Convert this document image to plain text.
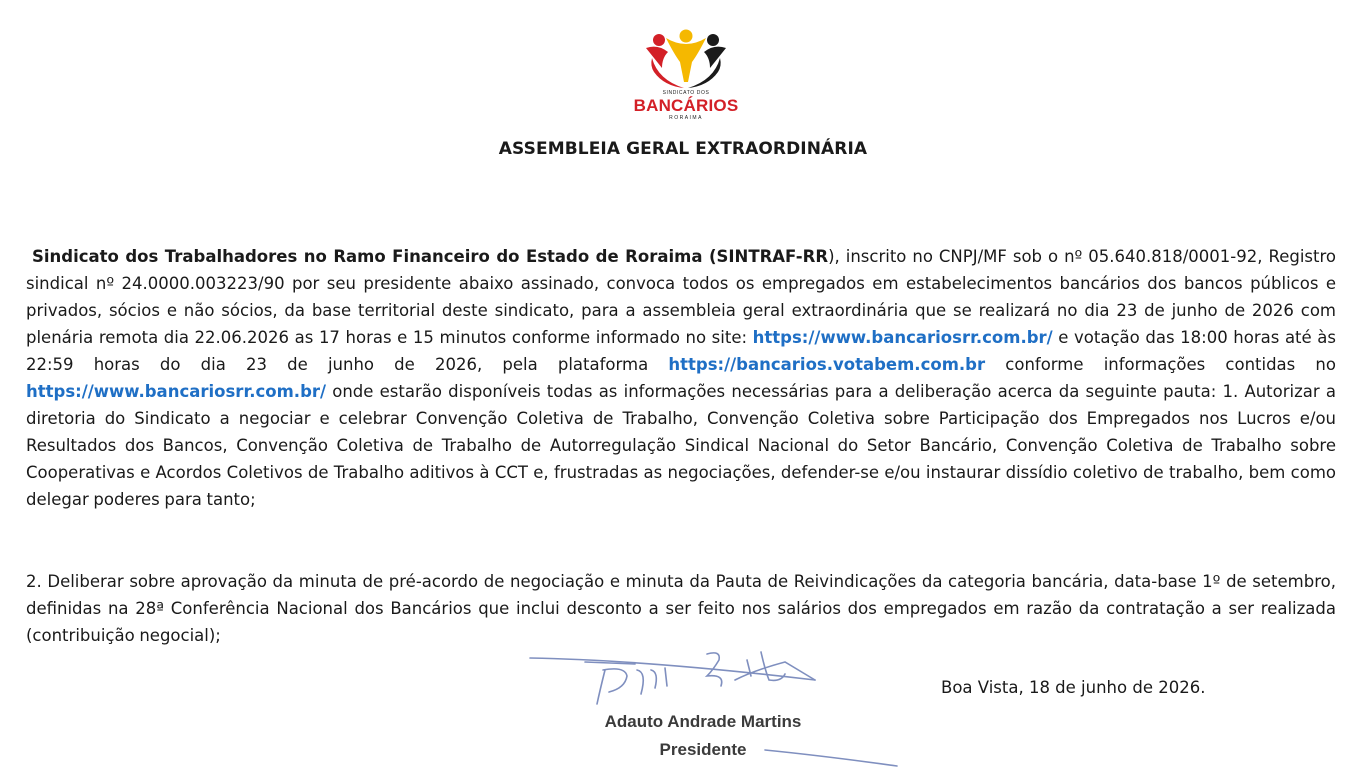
SINDICATO DOS
BANCÁRIOS
RORAIMA
ASSEMBLEIA GERAL EXTRAORDINÁRIA

Sindicato dos Trabalhadores no Ramo Financeiro do Estado de Roraima (SINTRAF-RR), inscrito no CNPJ/MF sob o nº 05.640.818/0001-92, Registro sindical nº 24.0000.003223/90 por seu presidente abaixo assinado, convoca todos os empregados em estabelecimentos bancários dos bancos públicos e privados, sócios e não sócios, da base territorial deste sindicato, para a assembleia geral extraordinária que se realizará no dia 23 de junho de 2026 com plenária remota dia 22.06.2026 as 17 horas e 15 minutos conforme informado no site: https://www.bancariosrr.com.br/ e votação das 18:00 horas até às 22:59 horas do dia 23 de junho de 2026, pela plataforma https://bancarios.votabem.com.br conforme informações contidas no https://www.bancariosrr.com.br/ onde estarão disponíveis todas as informações necessárias para a deliberação acerca da seguinte pauta: 1. Autorizar a diretoria do Sindicato a negociar e celebrar Convenção Coletiva de Trabalho, Convenção Coletiva sobre Participação dos Empregados nos Lucros e/ou Resultados dos Bancos, Convenção Coletiva de Trabalho de Autorregulação Sindical Nacional do Setor Bancário, Convenção Coletiva de Trabalho sobre Cooperativas e Acordos Coletivos de Trabalho aditivos à CCT e, frustradas as negociações, defender-se e/ou instaurar dissídio coletivo de trabalho, bem como delegar poderes para tanto;

2. Deliberar sobre aprovação da minuta de pré-acordo de negociação e minuta da Pauta de Reivindicações da categoria bancária, data-base 1º de setembro, definidas na 28ª Conferência Nacional dos Bancários que inclui desconto a ser feito nos salários dos empregados em razão da contratação a ser realizada (contribuição negocial);

Boa Vista, 18 de junho de 2026.

Adauto Andrade Martins
Presidente
